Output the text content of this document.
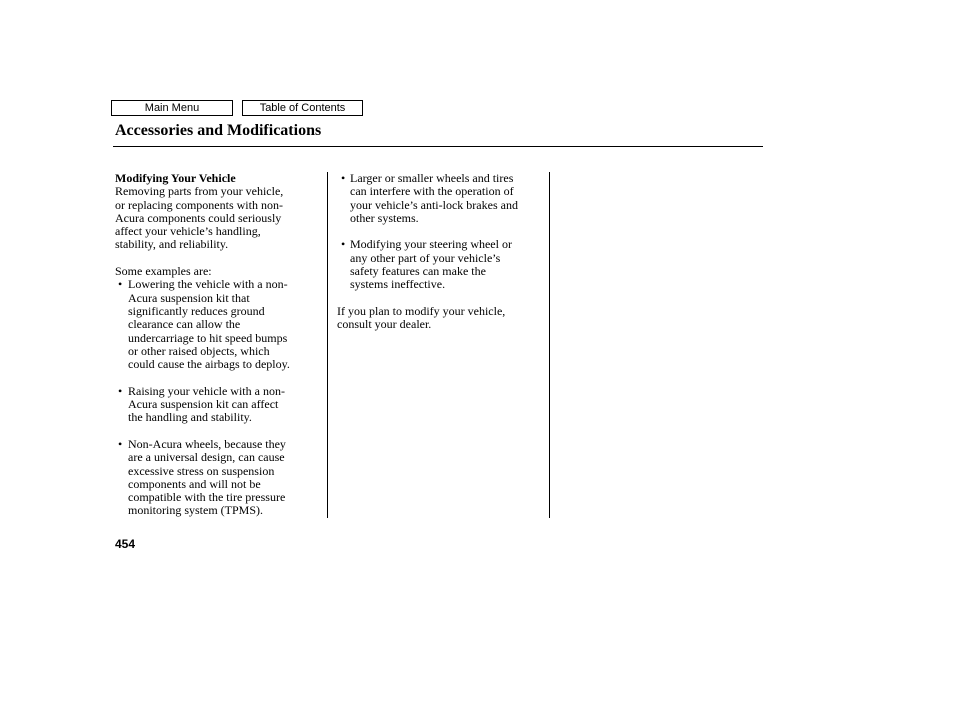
Main Menu	Table of Contents
Accessories and Modifications
Modifying Your Vehicle
Removing parts from your vehicle,
or replacing components with non-
Acura components could seriously
affect your vehicle’s handling,
stability, and reliability.
Some examples are:
• Lowering the vehicle with a non-
Acura suspension kit that
significantly reduces ground
clearance can allow the
undercarriage to hit speed bumps
or other raised objects, which
could cause the airbags to deploy.
• Raising your vehicle with a non-
Acura suspension kit can affect
the handling and stability.
• Non-Acura wheels, because they
are a universal design, can cause
excessive stress on suspension
components and will not be
compatible with the tire pressure
monitoring system (TPMS).
• Larger or smaller wheels and tires
can interfere with the operation of
your vehicle’s anti-lock brakes and
other systems.
• Modifying your steering wheel or
any other part of your vehicle’s
safety features can make the
systems ineffective.
If you plan to modify your vehicle,
consult your dealer.
454
